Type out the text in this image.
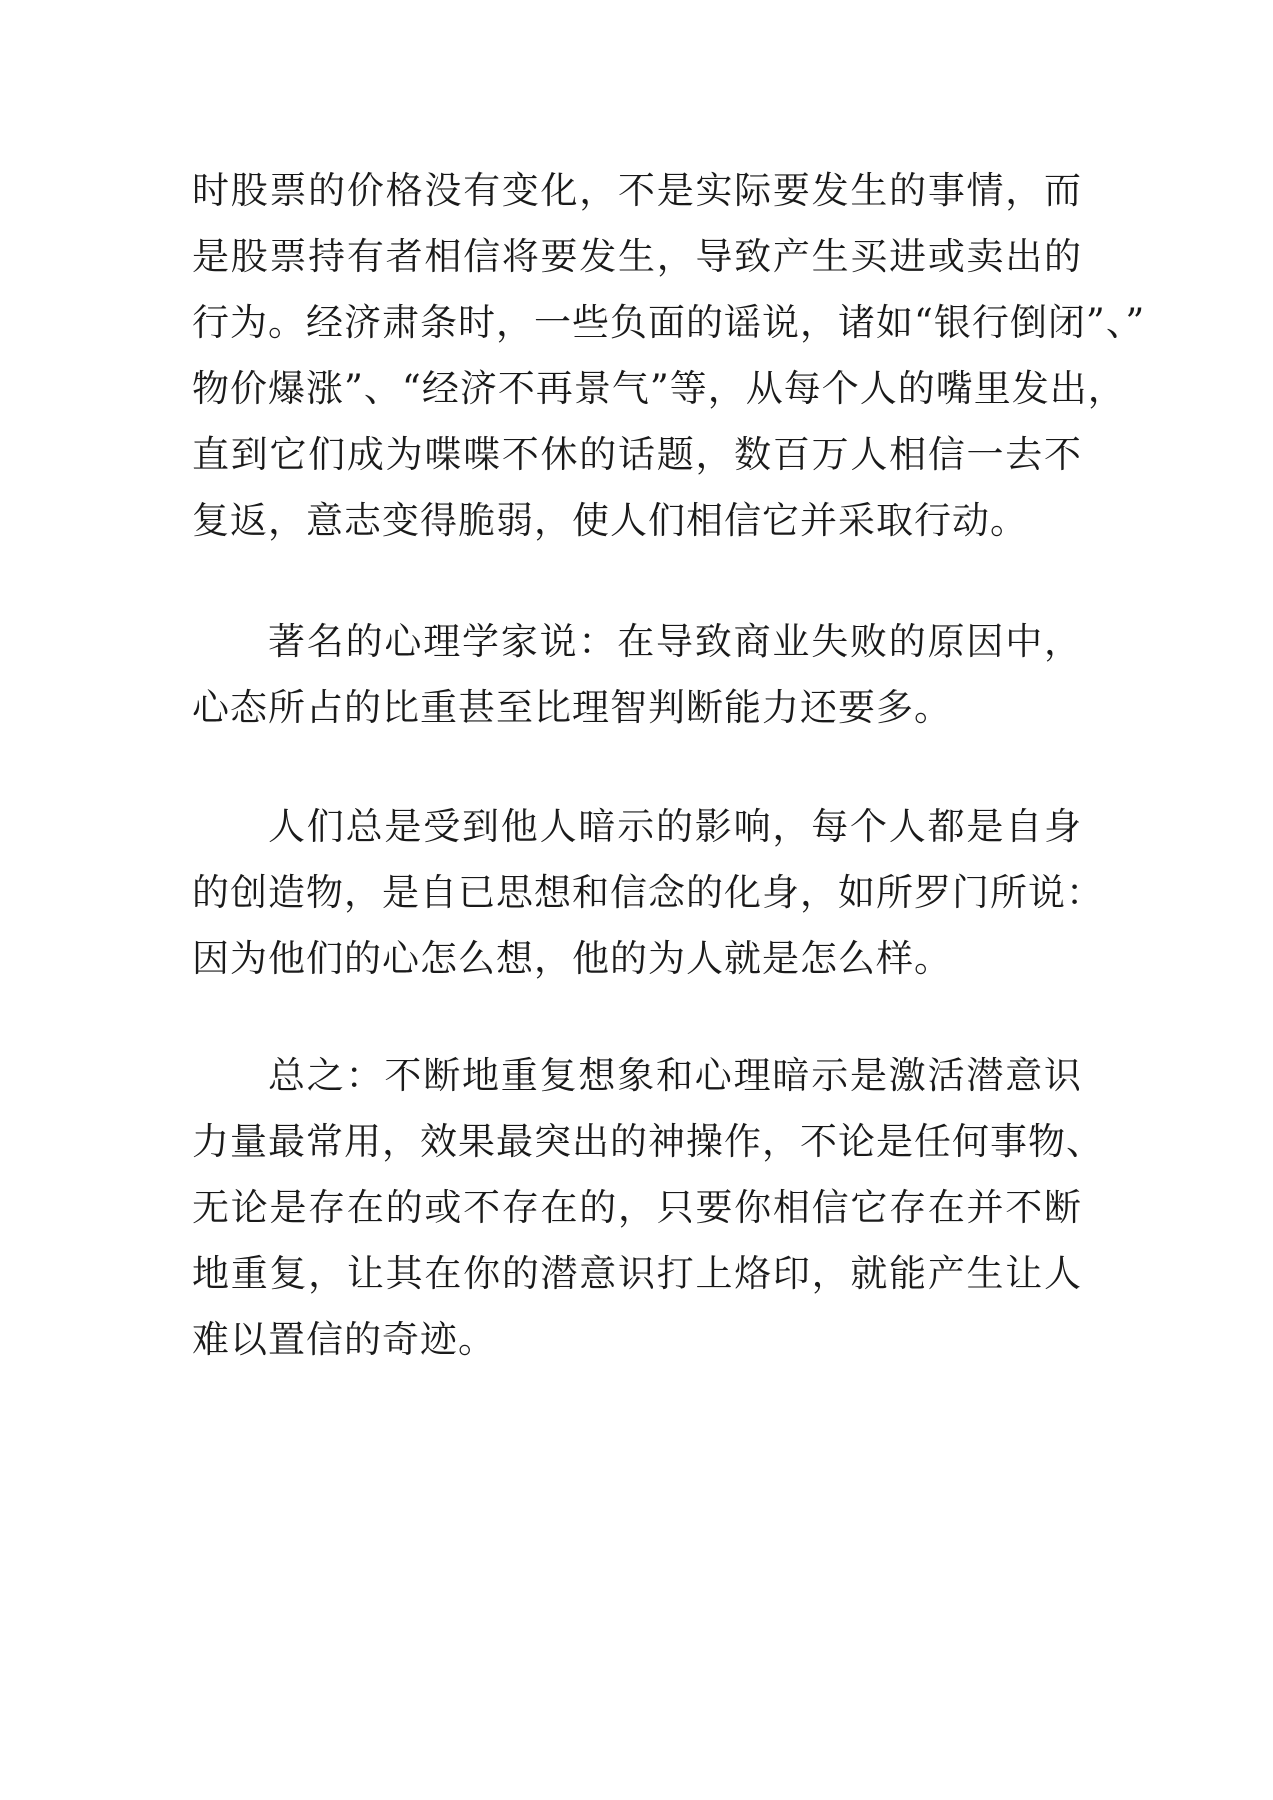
时股票的价格没有变化，不是实际要发生的事情，而
是股票持有者相信将要发生，导致产生买进或卖出的
行为。经济肃条时，一些负面的谣说，诸如“银行倒闭”、”
物价爆涨”、“经济不再景气”等，从每个人的嘴里发出，
直到它们成为喋喋不休的话题，数百万人相信一去不
复返，意志变得脆弱，使人们相信它并采取行动。
著名的心理学家说：在导致商业失败的原因中，
心态所占的比重甚至比理智判断能力还要多。
人们总是受到他人暗示的影响，每个人都是自身
的创造物，是自已思想和信念的化身，如所罗门所说：
因为他们的心怎么想，他的为人就是怎么样。
总之：不断地重复想象和心理暗示是激活潜意识
力量最常用，效果最突出的神操作，不论是任何事物、
无论是存在的或不存在的，只要你相信它存在并不断
地重复，让其在你的潜意识打上烙印，就能产生让人
难以置信的奇迹。
